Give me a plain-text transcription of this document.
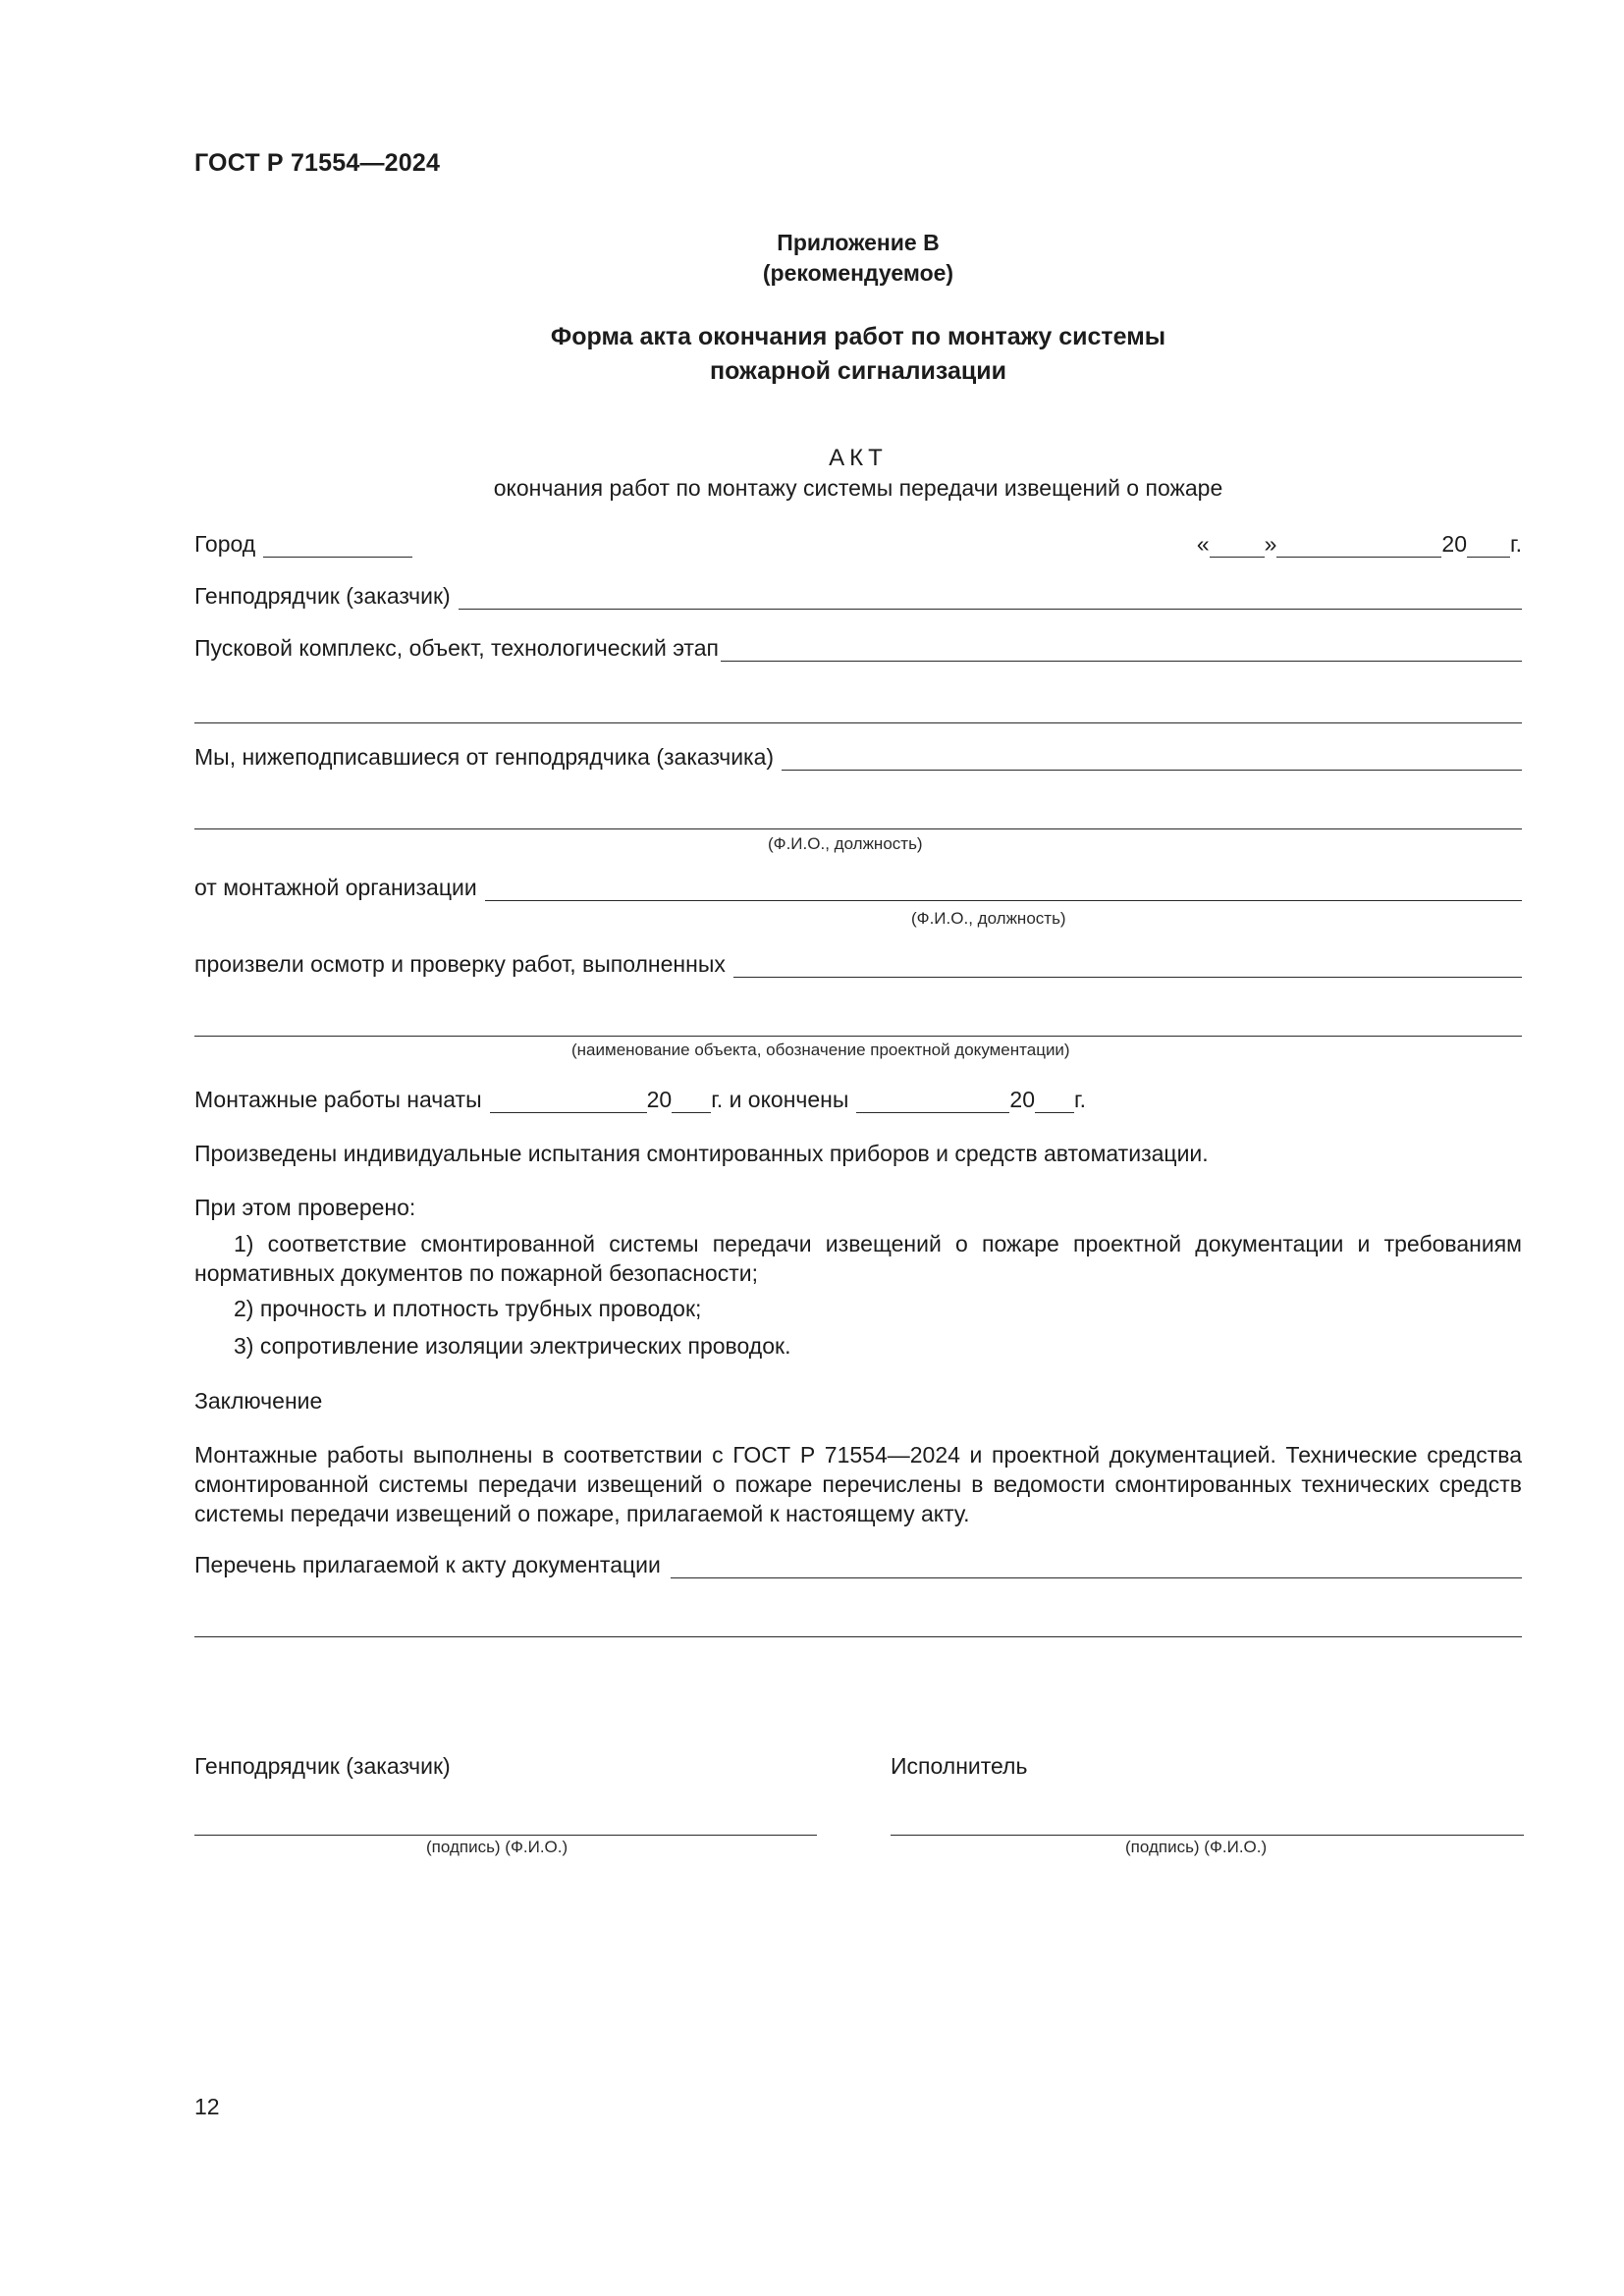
ГОСТ Р 71554—2024
Приложение В
(рекомендуемое)
Форма акта окончания работ по монтажу системы
пожарной сигнализации
АКТ
окончания работ по монтажу системы передачи извещений о пожаре
Город	« »	20 г.
Генподрядчик (заказчик)
Пусковой комплекс, объект, технологический этап
Мы, нижеподписавшиеся от генподрядчика (заказчика)
(Ф.И.О., должность)
от монтажной организации
(Ф.И.О., должность)
произвели осмотр и проверку работ, выполненных
(наименование объекта, обозначение проектной документации)
Монтажные работы начаты	20 г. и окончены	20 г.
Произведены индивидуальные испытания смонтированных приборов и средств автоматизации.
При этом проверено:
1) соответствие смонтированной системы передачи извещений о пожаре проектной документации и требованиям нормативных документов по пожарной безопасности;
2) прочность и плотность трубных проводок;
3) сопротивление изоляции электрических проводок.
Заключение
Монтажные работы выполнены в соответствии с ГОСТ Р 71554—2024 и проектной документацией. Технические средства смонтированной системы передачи извещений о пожаре перечислены в ведомости смонтированных технических средств системы передачи извещений о пожаре, прилагаемой к настоящему акту.
Перечень прилагаемой к акту документации
Генподрядчик (заказчик)
(подпись) (Ф.И.О.)
Исполнитель
(подпись) (Ф.И.О.)
12
